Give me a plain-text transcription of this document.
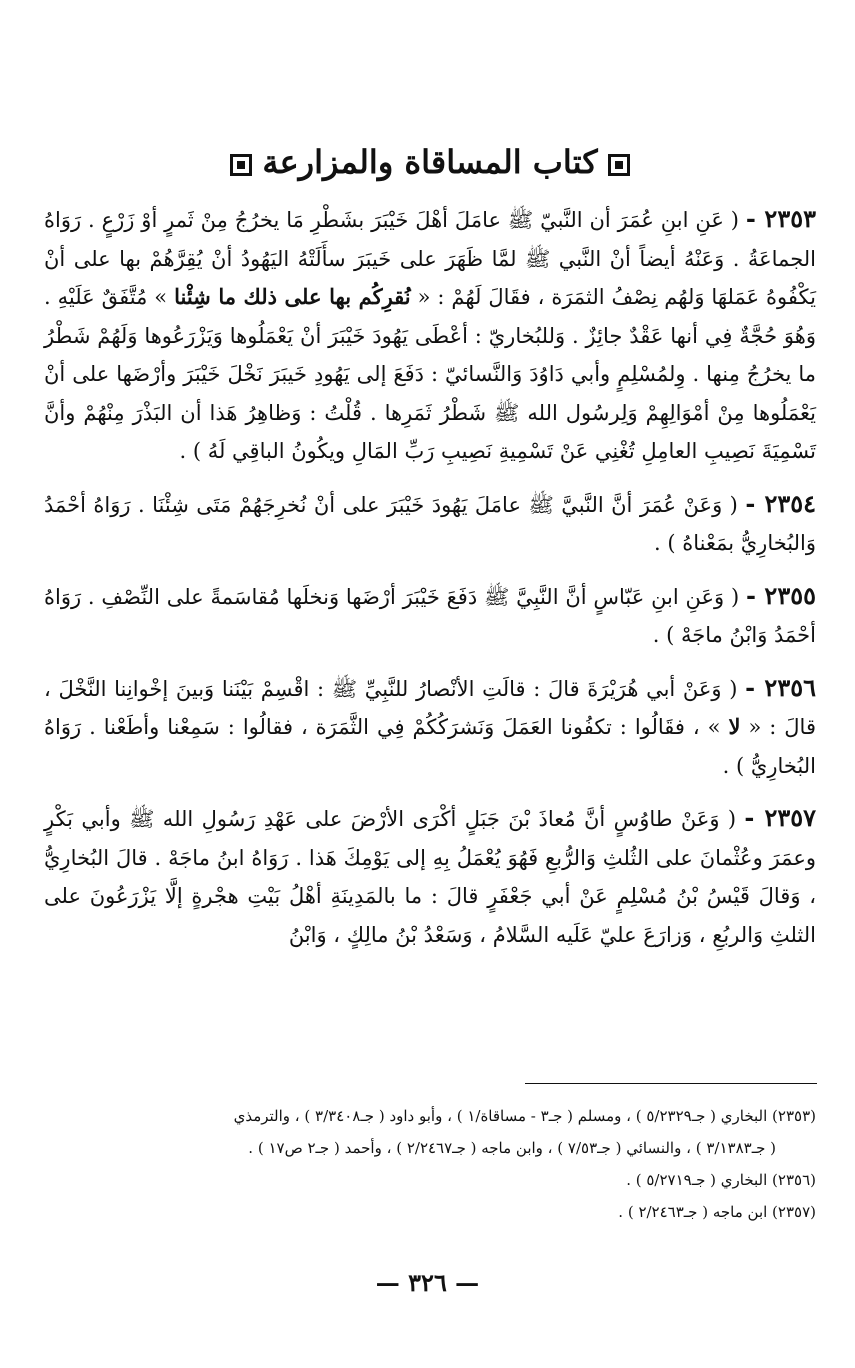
كتاب المساقاة والمزارعة

٢٣٥٣ - ( عَنِ ابنِ عُمَرَ أن النَّبيّ ﷺ عامَلَ أهْلَ خَيْبَرَ بشَطْرِ مَا يخرُجُ مِنْ ثَمرٍ أوْ زَرْعٍ . رَوَاهُ الجماعَةُ . وَعَنْهُ أيضاً أنْ النَّبي ﷺ لمَّا ظَهَرَ على خَيبَرَ سأَلَتْهُ اليَهُودُ أنْ يُقِرَّهُمْ بها على أنْ يَكْفُوهُ عَمَلهَا وَلهُم نِصْفُ الثمَرَة ، فقَالَ لَهُمْ : « نُقرِكُم بها على ذلك ما شِئْنا » مُتَّفَقٌ عَلَيْهِ . وَهُوَ حُجَّةٌ فِي أنها عَقْدٌ جائِزٌ . وَللبُخاريّ : أعْطَى يَهُودَ خَيْبَرَ أنْ يَعْمَلُوها وَيَزْرَعُوها وَلَهُمْ شَطْرُ ما يخرُجُ مِنها . وِلمُسْلِمٍ وأبي دَاوُدَ وَالنَّسائيّ : دَفَعَ إلى يَهُودِ خَيبَرَ نَخْلَ خَيْبَرَ وأرْضَها على أنْ يَعْمَلُوها مِنْ أمْوَالِهِمْ وَلِرسُول الله ﷺ شَطْرُ ثَمَرِها . قُلْتُ : وَظاهِرُ هَذا أن البَذْرَ مِنْهُمْ وأنَّ تَسْمِيَةَ نَصِيبِ العامِلِ تُغْنِي عَنْ تَسْمِيةِ نَصِيبِ رَبِّ المَالِ ويكُونُ الباقِي لَهُ ) .

٢٣٥٤ - ( وَعَنْ عُمَرَ أنَّ النَّبيَّ ﷺ عامَلَ يَهُودَ خَيْبَرَ على أنْ نُخرِجَهُمْ مَتَى شِئْنَا . رَوَاهُ أحْمَدُ وَالبُخارِيُّ بمَعْناهُ ) .

٢٣٥٥ - ( وَعَنِ ابنِ عَبّاسٍ أنَّ النَّبِيَّ ﷺ دَفَعَ خَيْبَرَ أرْضَها وَنخلَها مُقاسَمةً على النِّصْفِ . رَوَاهُ أحْمَدُ وَابْنُ ماجَهْ ) .

٢٣٥٦ - ( وَعَنْ أبي هُرَيْرَةَ قالَ : قالَتِ الأنْصارُ للنَّبِيِّ ﷺ : اقْسِمْ بَيْنَنا وَبينَ إخْوانِنا النَّخْلَ ، قالَ : « لا » ، فقَالُوا : تكفُونا العَمَلَ وَنَشرَكُكُمْ فِي الثَّمَرَة ، فقالُوا : سَمِعْنا وأطَعْنا . رَوَاهُ البُخارِيُّ ) .

٢٣٥٧ - ( وَعَنْ طاوُسٍ أنَّ مُعاذَ بْنَ جَبَلٍ أكْرَى الأرْضَ على عَهْدِ رَسُولِ الله ﷺ وأبي بَكْرٍ وعمَرَ وعُثْمانَ على الثُلثِ وَالرُّبعِ فَهُوَ يُعْمَلُ بِهِ إلى يَوْمِكَ هَذا . رَوَاهُ ابنُ ماجَهْ . قالَ البُخارِيُّ ، وَقالَ قَيْسُ بْنُ مُسْلِمٍ عَنْ أبي جَعْفَرٍ قالَ : ما بالمَدِينَةِ أهْلُ بَيْتِ هجْرةٍ إلَّا يَزْرَعُونَ على الثلثِ وَالربُعِ ، وَزارَعَ عليّ عَلَيه السَّلامُ ، وَسَعْدُ بْنُ مالِكٍ ، وَابْنُ

(٢٣٥٣) البخاري ( جـ٥/٢٣٢٩ ) ، ومسلم ( جـ٣ - مساقاة/١ ) ، وأبو داود ( جـ٣/٣٤٠٨ ) ، والترمذي
( جـ٣/١٣٨٣ ) ، والنسائي ( جـ٧/٥٣ ) ، وابن ماجه ( جـ٢/٢٤٦٧ ) ، وأحمد ( جـ٢ ص١٧ ) .
(٢٣٥٦) البخاري ( جـ٥/٢٧١٩ ) .
(٢٣٥٧) ابن ماجه ( جـ٢/٢٤٦٣ ) .
— ٣٢٦ —
